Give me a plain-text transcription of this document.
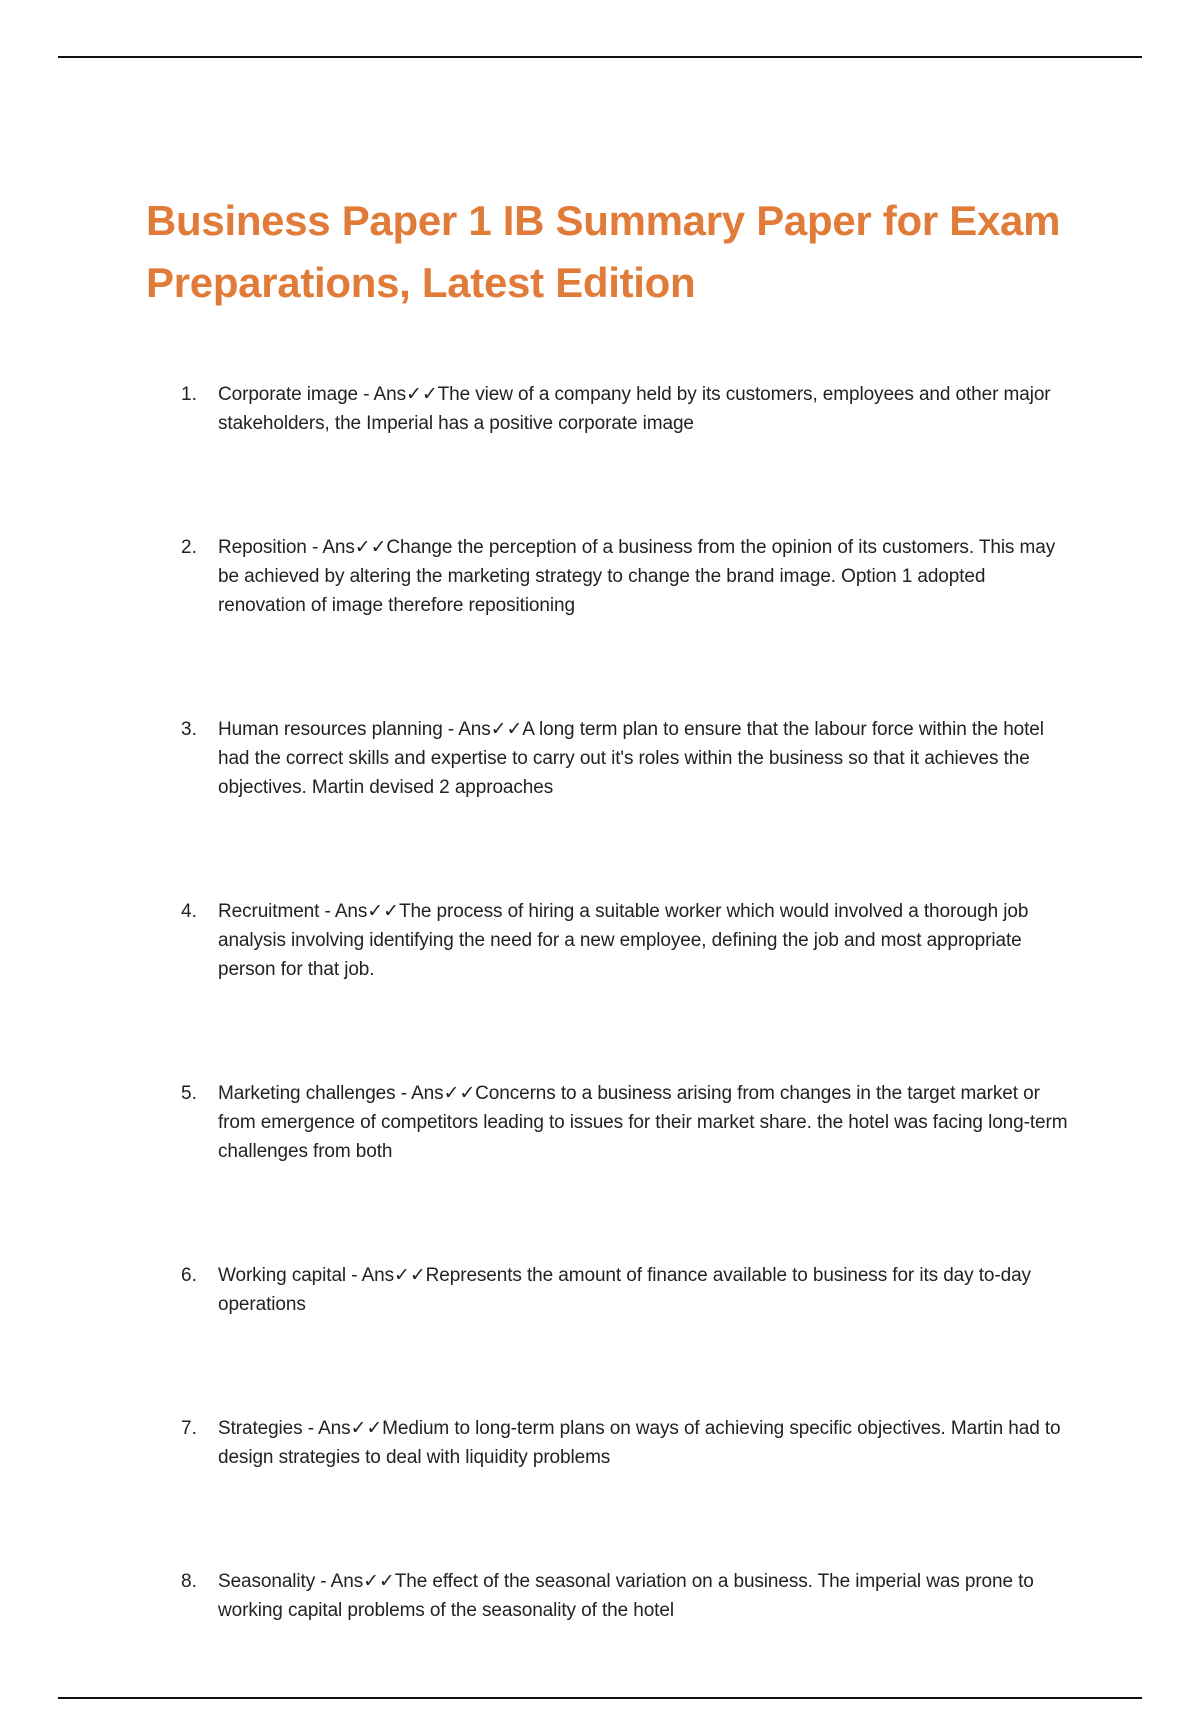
Business Paper 1 IB Summary Paper for Exam Preparations, Latest Edition
1. Corporate image - Ans✓✓The view of a company held by its customers, employees and other major stakeholders, the Imperial has a positive corporate image
2. Reposition - Ans✓✓Change the perception of a business from the opinion of its customers. This may be achieved by altering the marketing strategy to change the brand image. Option 1 adopted renovation of image therefore repositioning
3. Human resources planning - Ans✓✓A long term plan to ensure that the labour force within the hotel had the correct skills and expertise to carry out it's roles within the business so that it achieves the objectives. Martin devised 2 approaches
4. Recruitment - Ans✓✓The process of hiring a suitable worker which would involved a thorough job analysis involving identifying the need for a new employee, defining the job and most appropriate person for that job.
5. Marketing challenges - Ans✓✓Concerns to a business arising from changes in the target market or from emergence of competitors leading to issues for their market share. the hotel was facing long-term challenges from both
6. Working capital - Ans✓✓Represents the amount of finance available to business for its day to-day operations
7. Strategies - Ans✓✓Medium to long-term plans on ways of achieving specific objectives. Martin had to design strategies to deal with liquidity problems
8. Seasonality - Ans✓✓The effect of the seasonal variation on a business. The imperial was prone to working capital problems of the seasonality of the hotel
